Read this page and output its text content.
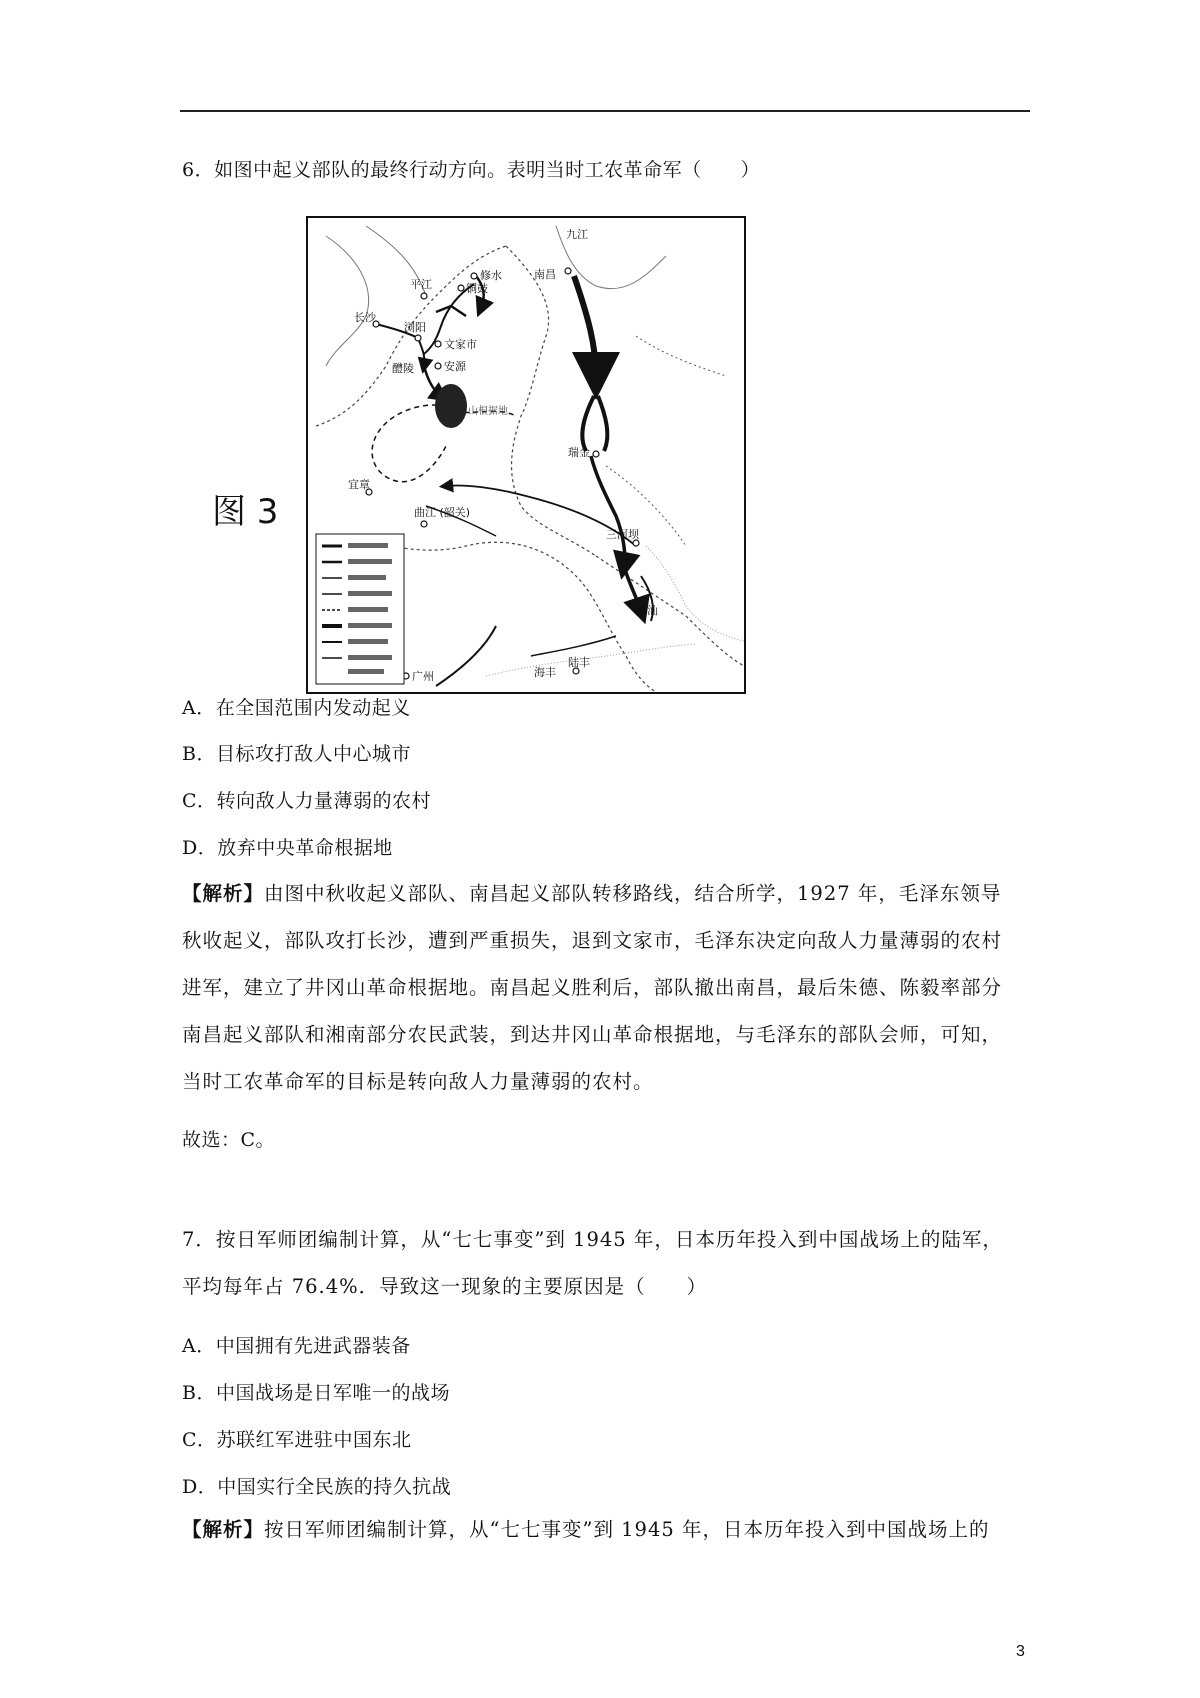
6．如图中起义部队的最终行动方向。表明当时工农革命军（　　）
图 3
修水
铜鼓
平江
浏阳
长沙
文家市
安源
醴陵
南昌
九江
山根据地
瑞金
宜章
曲江 (韶关)
三河坝
潮汕
广州	海丰
陆丰
A．在全国范围内发动起义
B．目标攻打敌人中心城市
C．转向敌人力量薄弱的农村
D．放弃中央革命根据地
【解析】由图中秋收起义部队、南昌起义部队转移路线，结合所学，1927 年，毛泽东领导
秋收起义，部队攻打长沙，遭到严重损失，退到文家市，毛泽东决定向敌人力量薄弱的农村
进军，建立了井冈山革命根据地。南昌起义胜利后，部队撤出南昌，最后朱德、陈毅率部分
南昌起义部队和湘南部分农民武装，到达井冈山革命根据地，与毛泽东的部队会师，可知，
当时工农革命军的目标是转向敌人力量薄弱的农村。
故选：C。
7．按日军师团编制计算，从“七七事变”到 1945 年，日本历年投入到中国战场上的陆军，
平均每年占 76.4%．导致这一现象的主要原因是（　　）
A．中国拥有先进武器装备
B．中国战场是日军唯一的战场
C．苏联红军进驻中国东北
D．中国实行全民族的持久抗战
【解析】按日军师团编制计算，从“七七事变”到 1945 年，日本历年投入到中国战场上的
3
